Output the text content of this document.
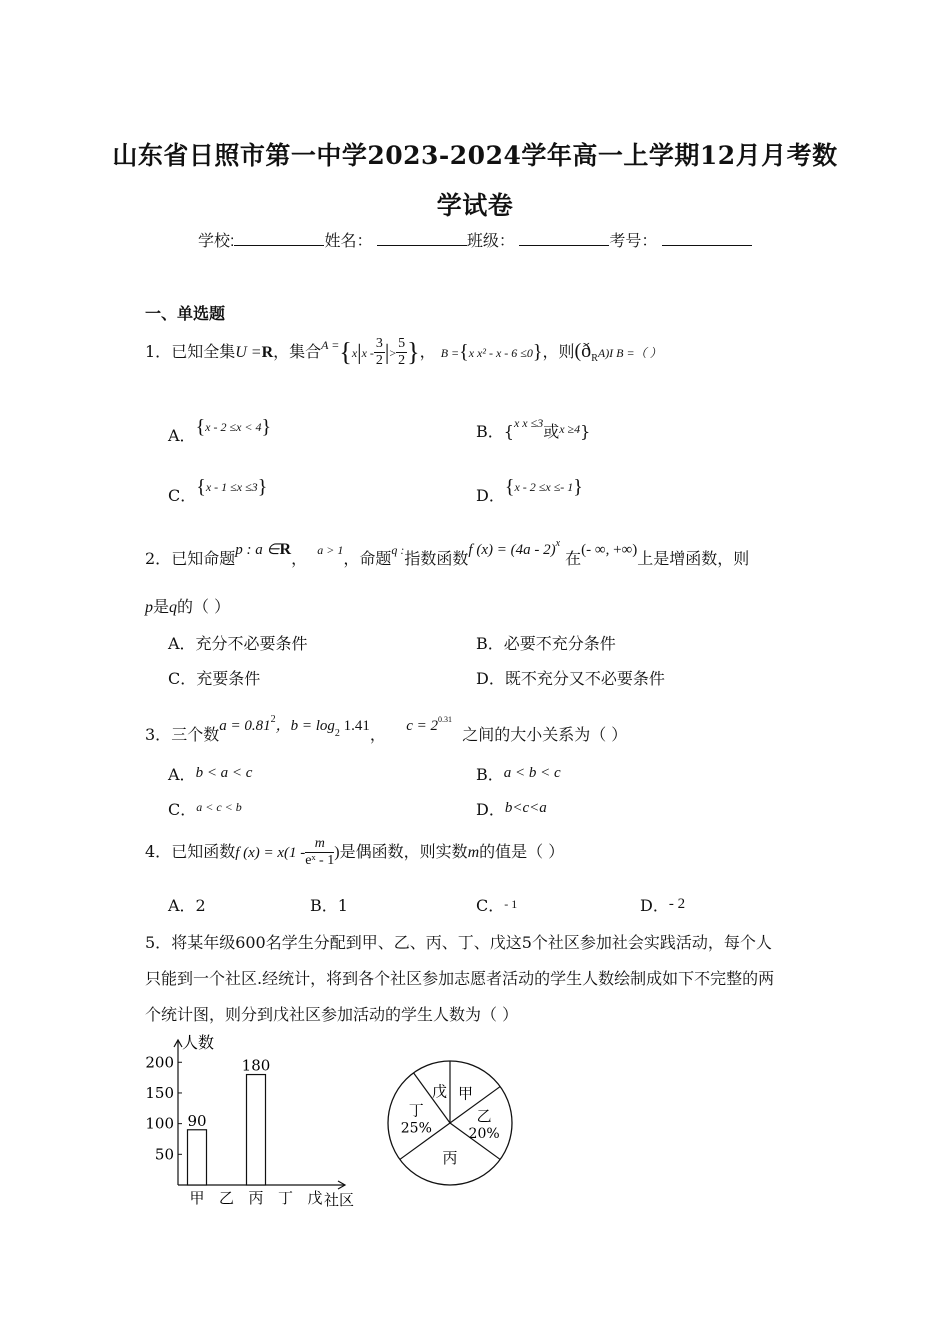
山东省日照市第一中学2023-2024学年高一上学期12月月考数
学试卷
学校:	姓名：	班级：	考号：
一、单选题
1．已知全集U =R，集合$^{A =}\{x|x - \frac{3}{2}$ |> $\frac{5}{2}$ }， B ={x x² - x - 6 ≤0}，则$(ð_RA)I$ B =（ ）
A．{$^{x - 2 \le x < 4}$}	B．{$^{x x \le 3}$或$^{x \ge 4}$}
C．{$^{x - 1 \le x \le 3}$}	D．{$^{x - 2 \le x \le- 1}$}
2．已知命题p : a ∈R， $^{a > 1}$，命题$^{q :}$指数函数f (x) = (4a - 2)$^x$ 在(- ∞, +∞)上是增函数，则
p是q的（ ）
A．充分不必要条件	B．必要不充分条件
C．充要条件	D．既不充分又不必要条件
3．三个数$a = 0.81^2$，$b = \log_2 1.41$， $c = 2^{0.31}$  之间的大小关系为（ ）
A．b < a < c	B．a < b < c
C．$^{a < c < b}$	D．b<c<a
4．已知函数f $(x) = x(1 - \frac{m}{\text{eˣ - 1}}$ )是偶函数，则实数m的值是（ ）
A．2	B．1	C．- 1	D．- 2
5．将某年级600名学生分配到甲、乙、丙、丁、戊这5个社区参加社会实践活动，每个人
只能到一个社区.经统计，将到各个社区参加志愿者活动的学生人数绘制成如下不完整的两
个统计图，则分到戊社区参加活动的学生人数为（ ）
人数
50
100
150
200
甲
90
乙 丙
180
丁 戊 社区
甲
乙
20%
丙
丁
25%
戊
